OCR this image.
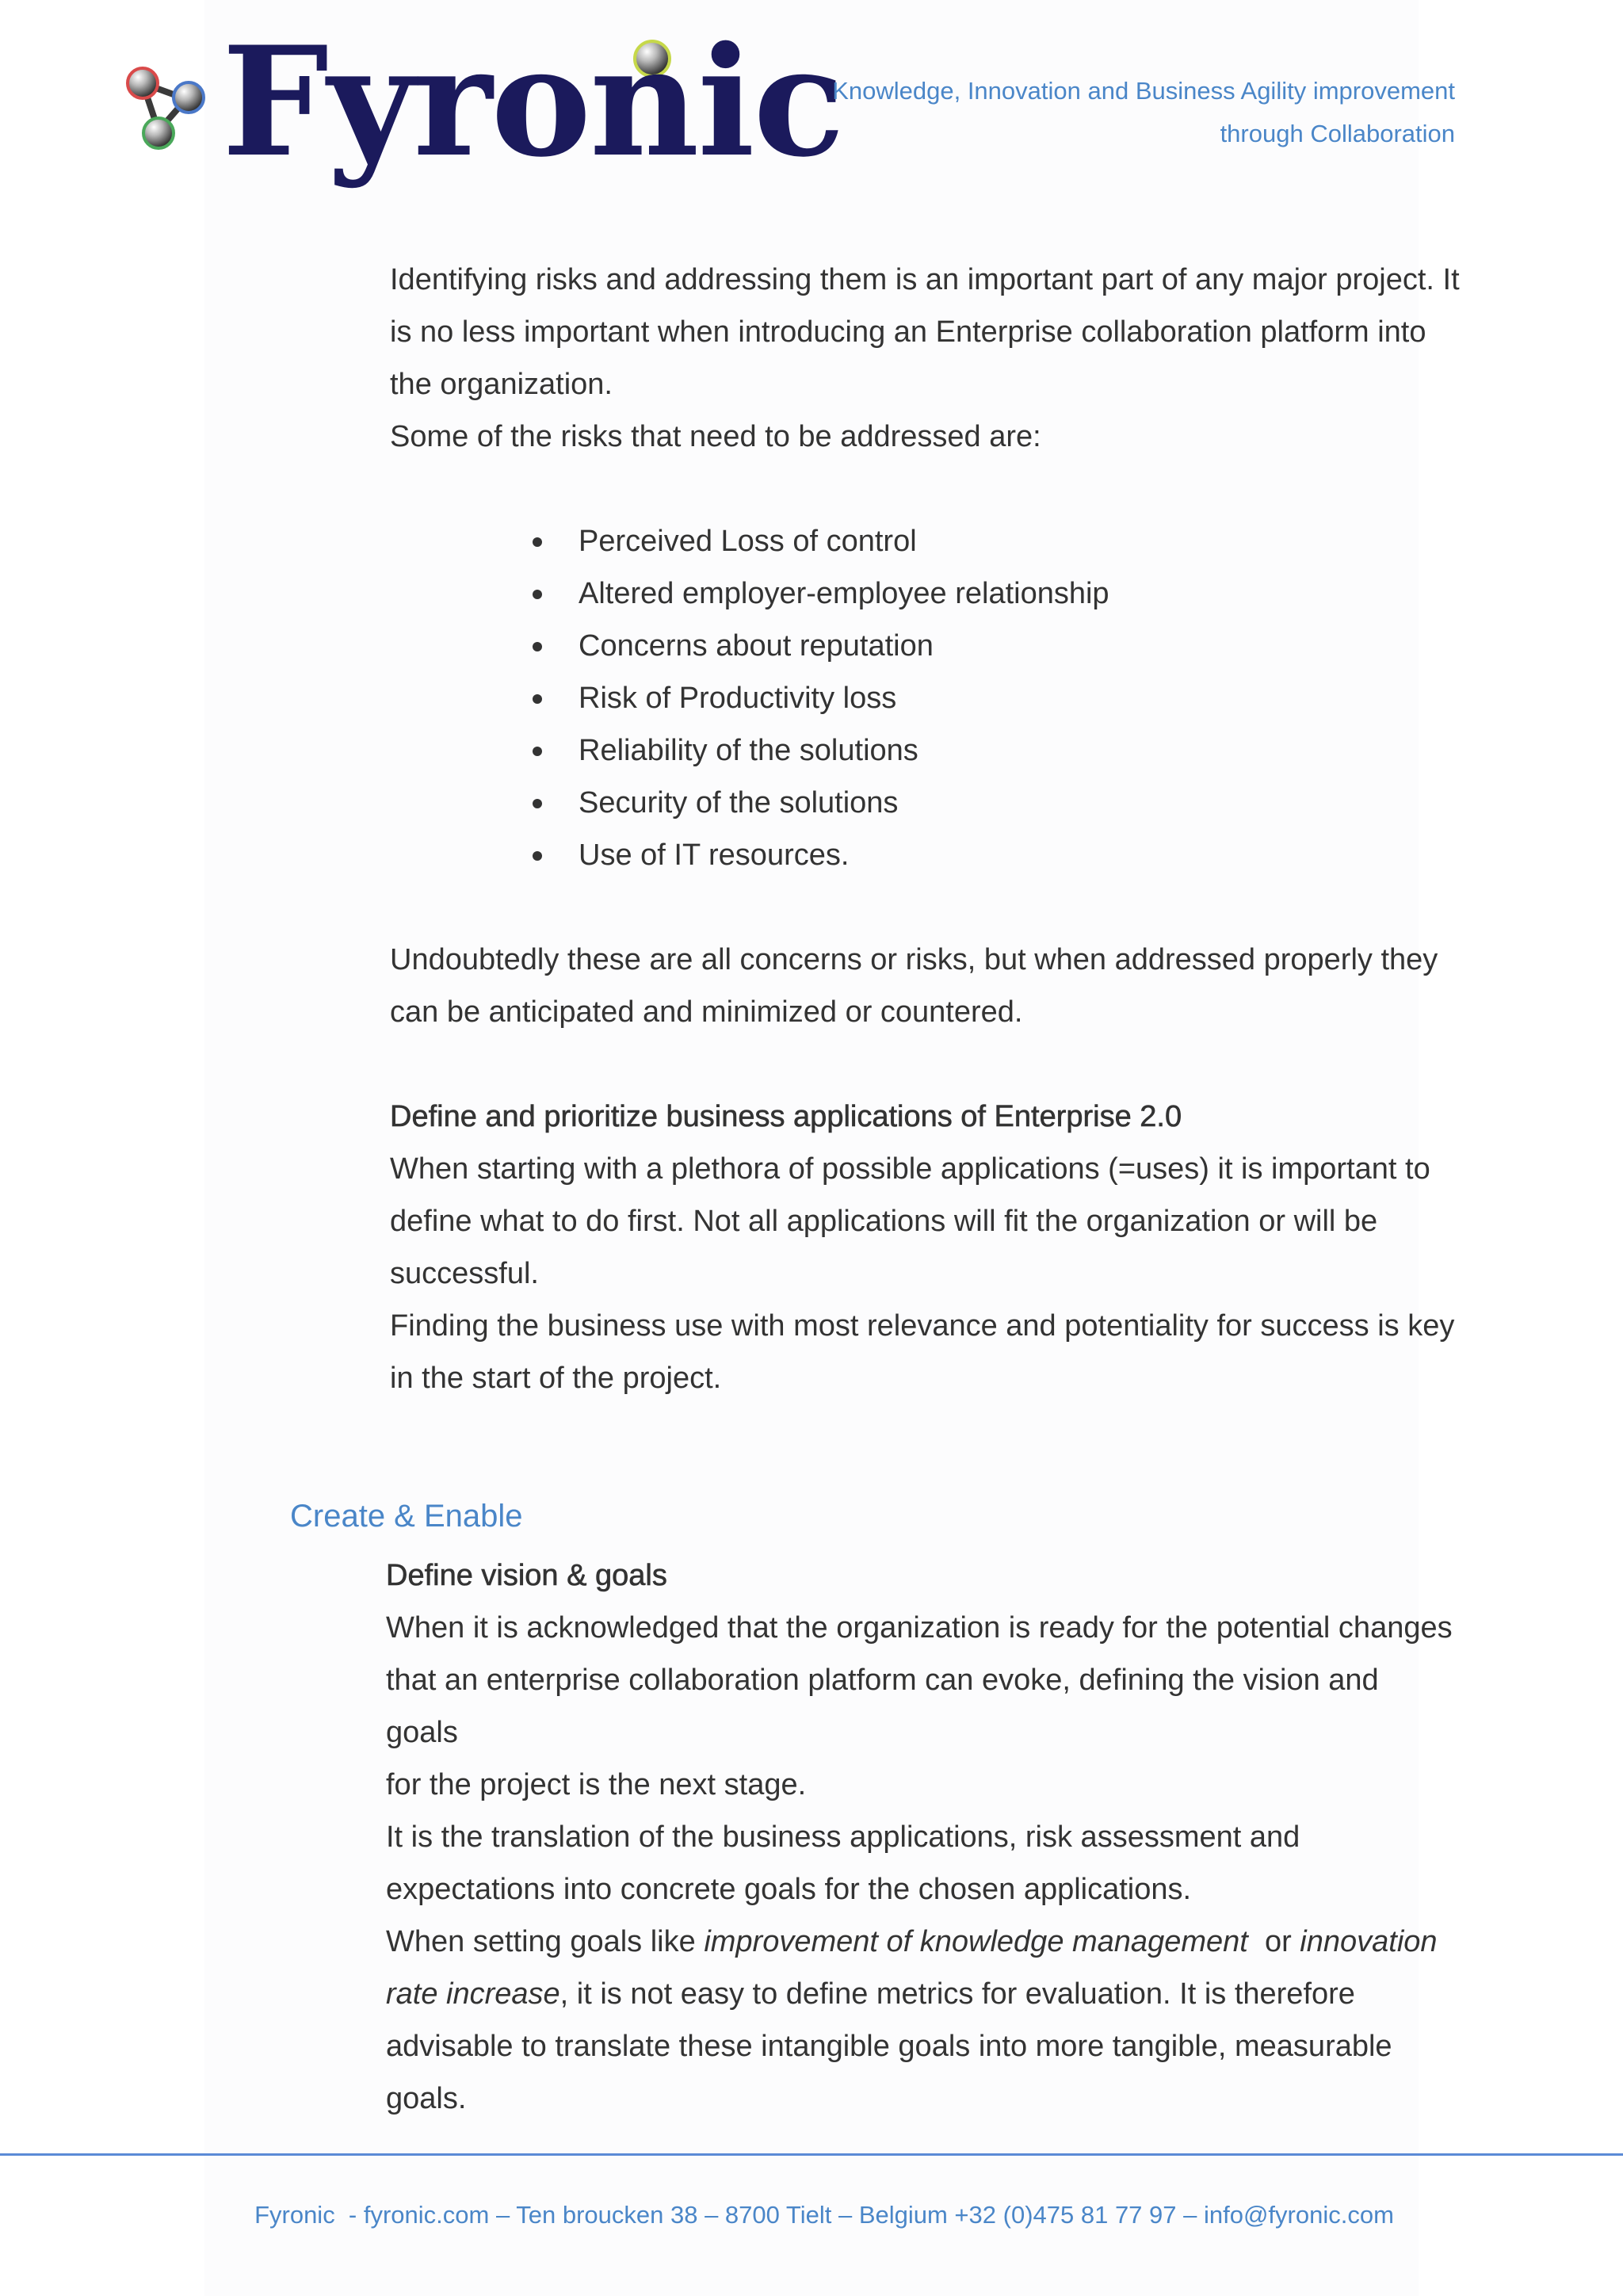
Fyronic
Knowledge, Innovation and Business Agility improvement
through Collaboration

Identifying risks and addressing them is an important part of any major project. It
is no less important when introducing an Enterprise collaboration platform into
the organization.

Some of the risks that need to be addressed are:

Perceived Loss of control
Altered employer-employee relationship
Concerns about reputation
Risk of Productivity loss
Reliability of the solutions
Security of the solutions
Use of IT resources.

Undoubtedly these are all concerns or risks, but when addressed properly they
can be anticipated and minimized or countered.

Define and prioritize business applications of Enterprise 2.0

When starting with a plethora of possible applications (=uses) it is important to
define what to do first. Not all applications will fit the organization or will be
successful.

Finding the business use with most relevance and potentiality for success is key
in the start of the project.

Create & Enable

Define vision & goals

When it is acknowledged that the organization is ready for the potential changes
that an enterprise collaboration platform can evoke, defining the vision and goals
for the project is the next stage.

It is the translation of the business applications, risk assessment and
expectations into concrete goals for the chosen applications.

When setting goals like improvement of knowledge management  or innovation
rate increase, it is not easy to define metrics for evaluation. It is therefore
advisable to translate these intangible goals into more tangible, measurable
goals.

Fyronic  - fyronic.com – Ten broucken 38 – 8700 Tielt – Belgium +32 (0)475 81 77 97 – info@fyronic.com
